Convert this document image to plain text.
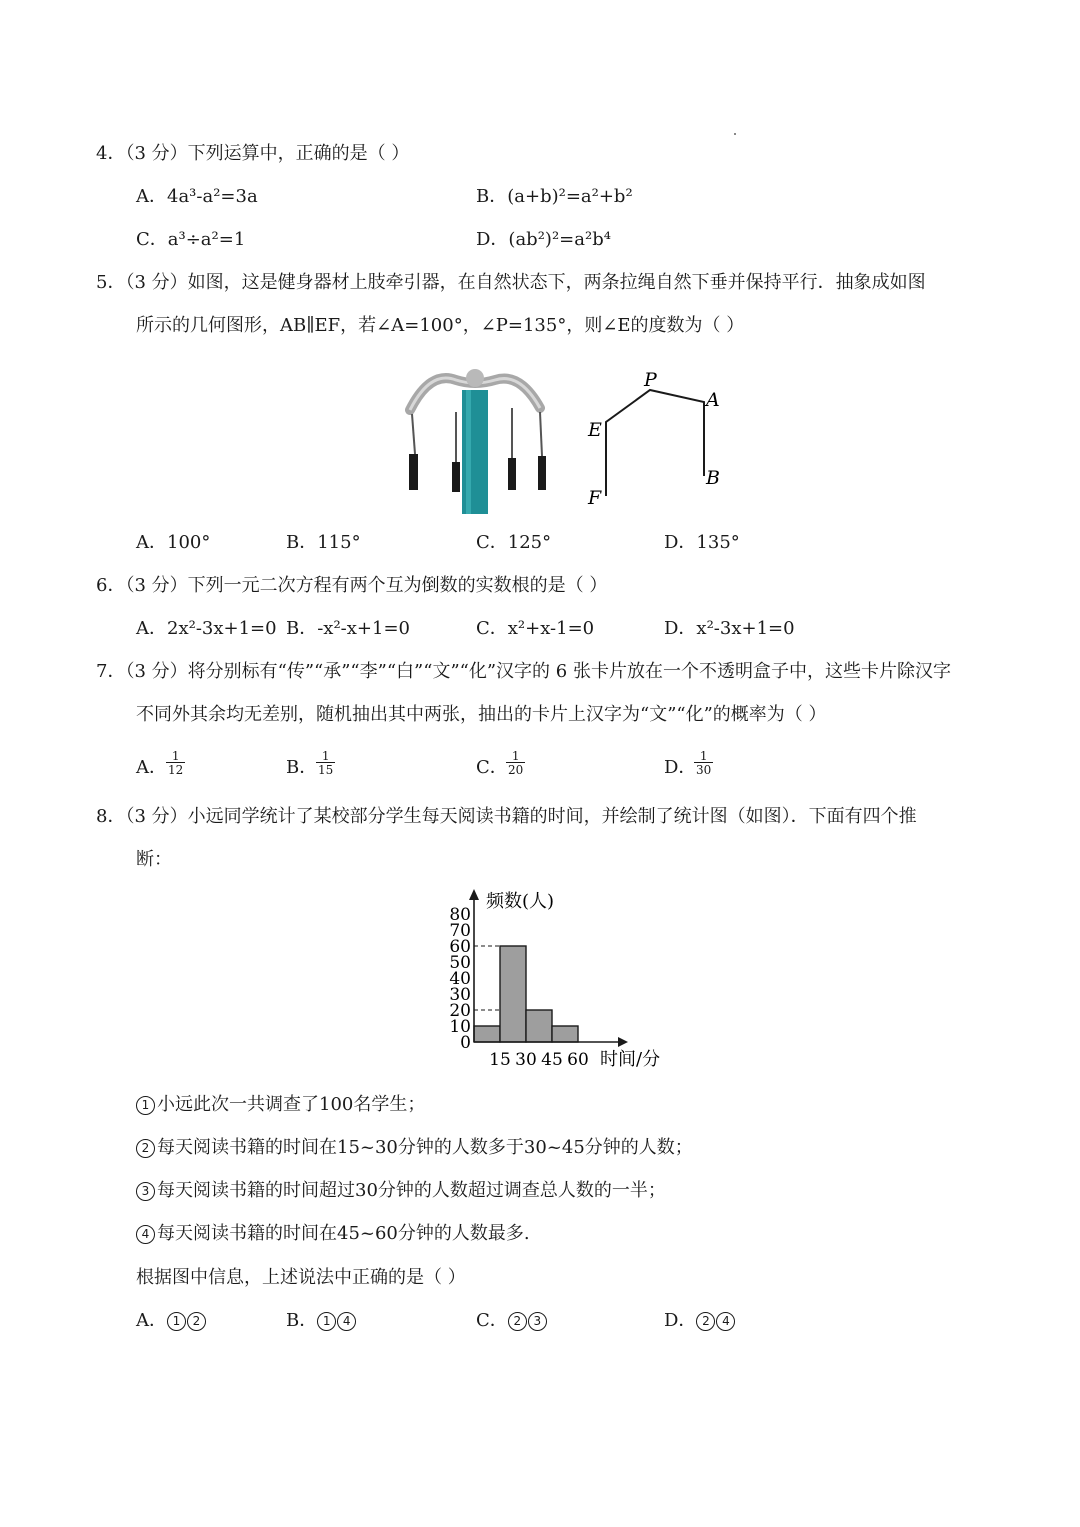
4．（3 分）下列运算中，正确的是（ ）
A．4a³-a²=3a	B．(a+b)²=a²+b²
C．a³÷a²=1	D．(ab²)²=a²b⁴
5．（3 分）如图，这是健身器材上肢牵引器，在自然状态下，两条拉绳自然下垂并保持平行．抽象成如图
所示的几何图形，AB∥EF，若∠A=100°，∠P=135°，则∠E的度数为（ ）
P
A
E
B
F
A．100°	B．115°	C．125°	D．135°
6．（3 分）下列一元二次方程有两个互为倒数的实数根的是（ ）
A．2x²-3x+1=0 B．-x²-x+1=0	C．x²+x-1=0	D．x²-3x+1=0
7．（3 分）将分别标有“传”“承”“李”“白”“文”“化”汉字的 6 张卡片放在一个不透明盒子中，这些卡片除汉字
不同外其余均无差别，随机抽出其中两张，抽出的卡片上汉字为“文”“化”的概率为（ ）
A． $\frac{1}{12}$	B．
$\frac{1}{15}$	C．
$\frac{1}{20}$	D．
$\frac{1}{30}$
8．（3 分）小远同学统计了某校部分学生每天阅读书籍的时间，并绘制了统计图（如图）．下面有四个推
断：
0
10
20
30
40
50
60
70
80
15 30 45 60
频数(人)
时间/分
1 小远此次一共调查了100名学生；
2 每天阅读书籍的时间在15~30分钟的人数多于30~45分钟的人数；
3 每天阅读书籍的时间超过30分钟的人数超过调查总人数的一半；
4 每天阅读书籍的时间在45~60分钟的人数最多.
根据图中信息，上述说法中正确的是（ ）
A． 1 2	B． 1 4	C． 2 3	D． 2 4
